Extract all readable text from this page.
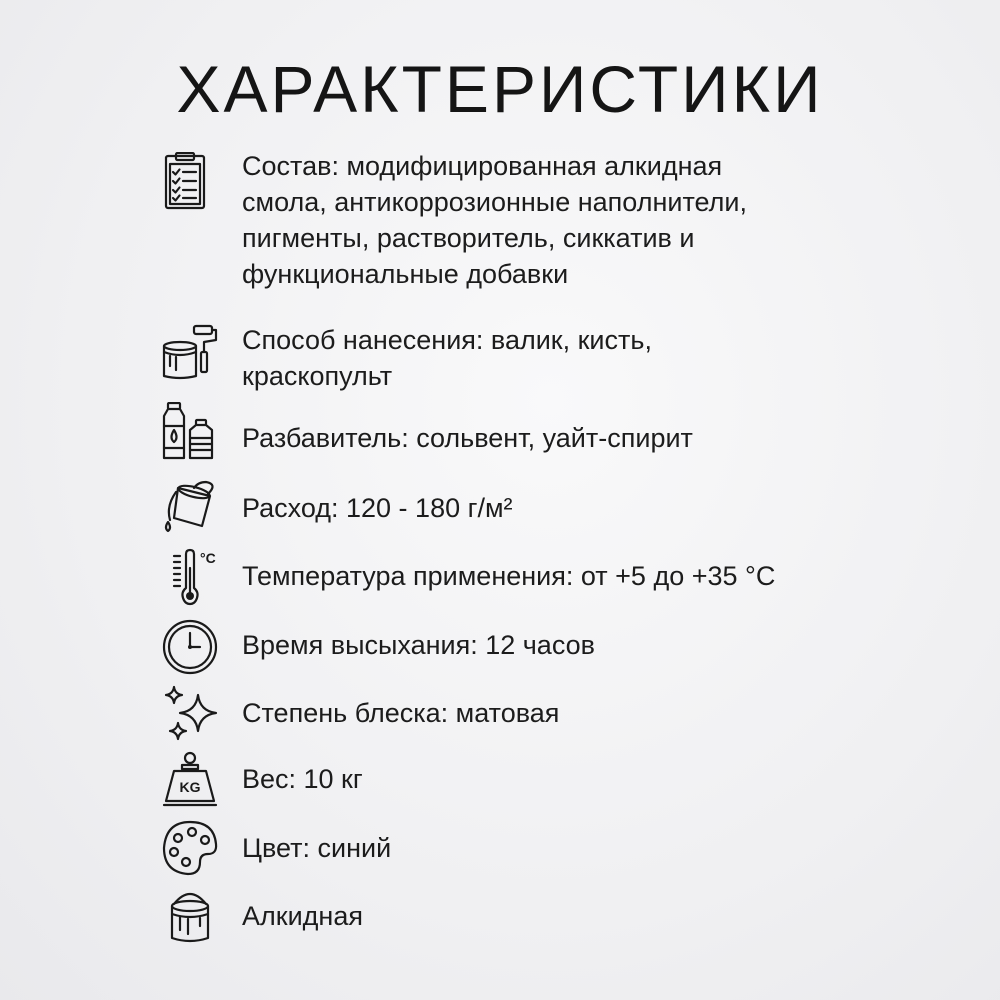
ХАРАКТЕРИСТИКИ
Состав: модифицированная алкидная
смола, антикоррозионные наполнители,
пигменты, растворитель, сиккатив и
функциональные добавки
Способ нанесения: валик, кисть,
краскопульт
Разбавитель: сольвент, уайт-спирит
Расход: 120 - 180 г/м²
°C
Температура применения: от +5 до +35 °C
Время высыхания: 12 часов
Степень блеска: матовая
KG Вес: 10 кг
Цвет: синий
Алкидная
